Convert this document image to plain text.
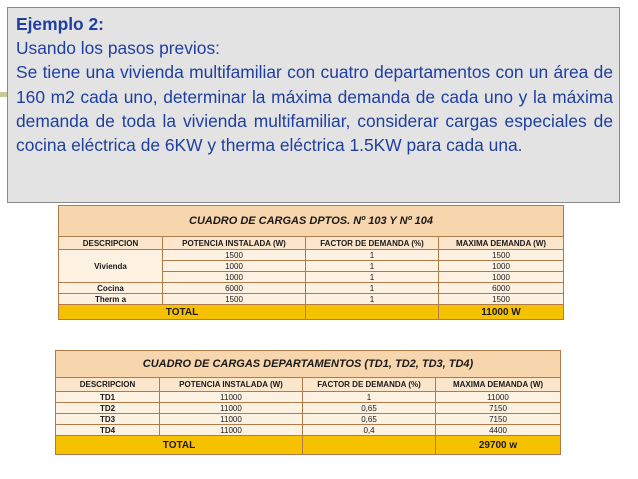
Ejemplo 2:
Usando los pasos previos:
Se tiene una vivienda multifamiliar con cuatro departamentos con un área de 160 m2 cada uno, determinar la máxima demanda de cada uno y la máxima demanda de toda la vivienda multifamiliar, considerar cargas especiales de cocina eléctrica de 6KW y therma eléctrica 1.5KW para cada una.
CUADRO DE CARGAS DPTOS. Nº 103 Y Nº 104			
DESCRIPCION	POTENCIA INSTALADA (W)	FACTOR DE DEMANDA (%)	MAXIMA DEMANDA (W)
Vivienda	1500	1	1500
	1000	1	1000
	1000	1	1000
Cocina	6000	1	6000
Therm a	1500	1	1500
TOTAL			11000 W
CUADRO DE CARGAS DEPARTAMENTOS (TD1, TD2, TD3, TD4)			
DESCRIPCION	POTENCIA INSTALADA (W)	FACTOR DE DEMANDA (%)	MAXIMA DEMANDA (W)
TD1	11000	1	11000
TD2	11000	0,65	7150
TD3	11000	0,65	7150
TD4	11000	0,4	4400
TOTAL			29700 w
